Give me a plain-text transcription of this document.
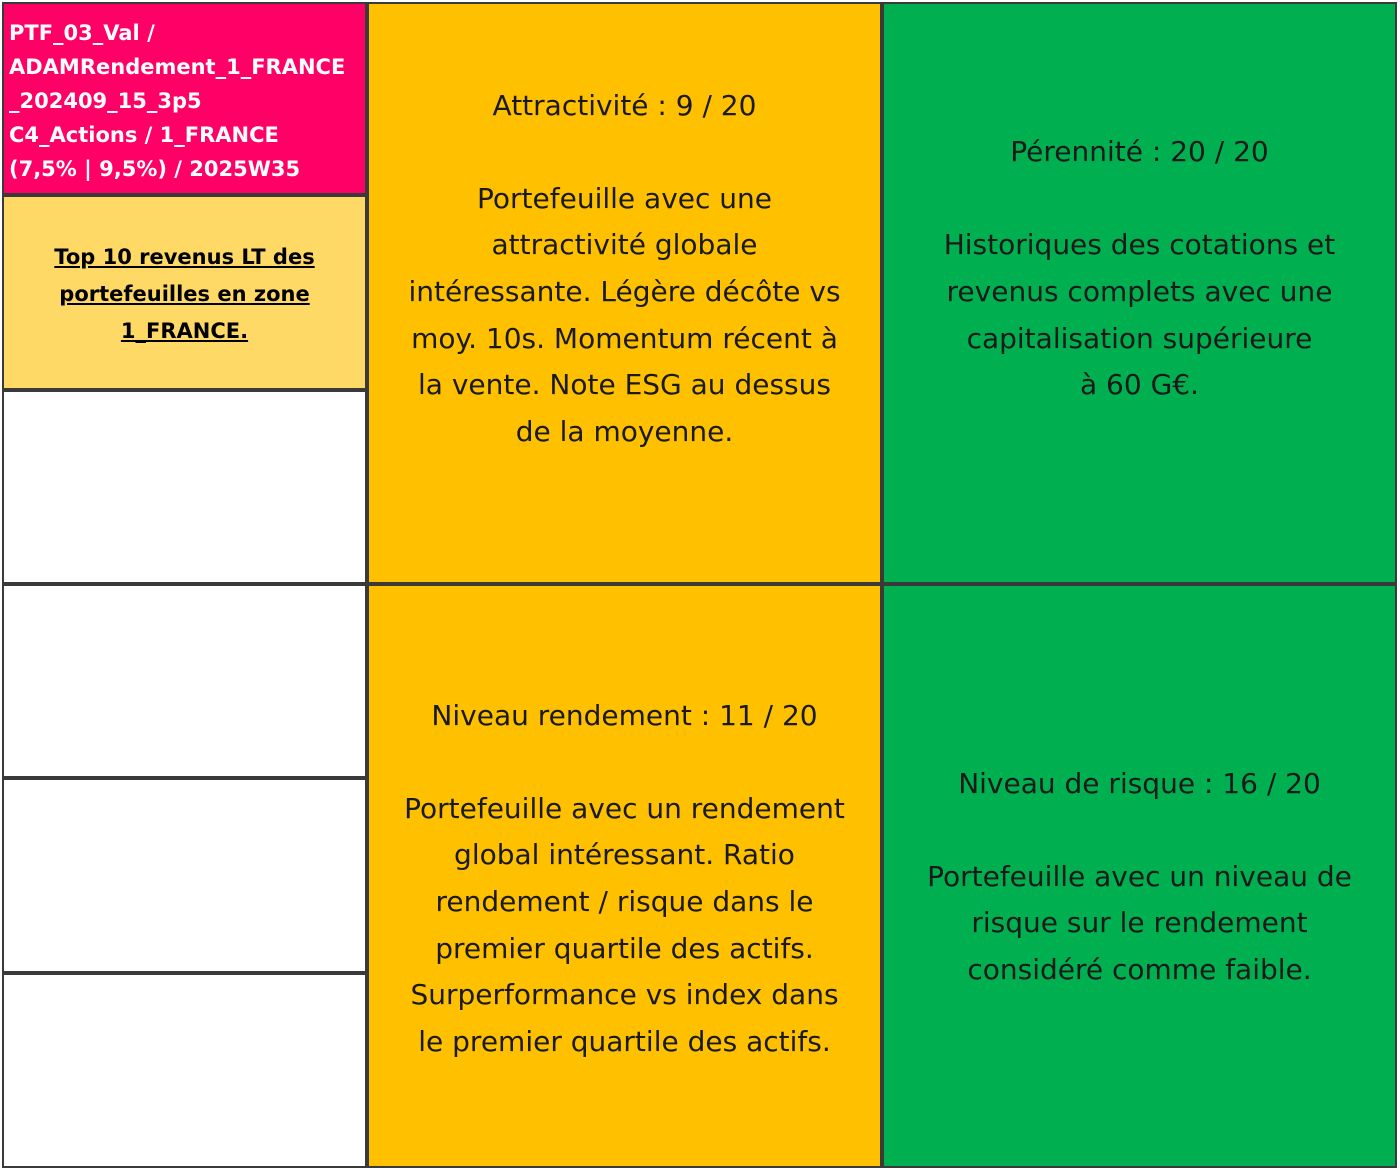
PTF_03_Val /
ADAMRendement_1_FRANCE
_202409_15_3p5
C4_Actions / 1_FRANCE
(7,5% | 9,5%) / 2025W35
Top 10 revenus LT des
portefeuilles en zone
1_FRANCE.
Attractivité : 9 / 20
Portefeuille avec une
attractivité globale
intéressante. Légère décôte vs
moy. 10s. Momentum récent à
la vente. Note ESG au dessus
de la moyenne.
Pérennité : 20 / 20
Historiques des cotations et
revenus complets avec une
capitalisation supérieure
à 60 G€.
Niveau rendement : 11 / 20
Portefeuille avec un rendement
global intéressant. Ratio
rendement / risque dans le
premier quartile des actifs.
Surperformance vs index dans
le premier quartile des actifs.
Niveau de risque : 16 / 20
Portefeuille avec un niveau de
risque sur le rendement
considéré comme faible.
